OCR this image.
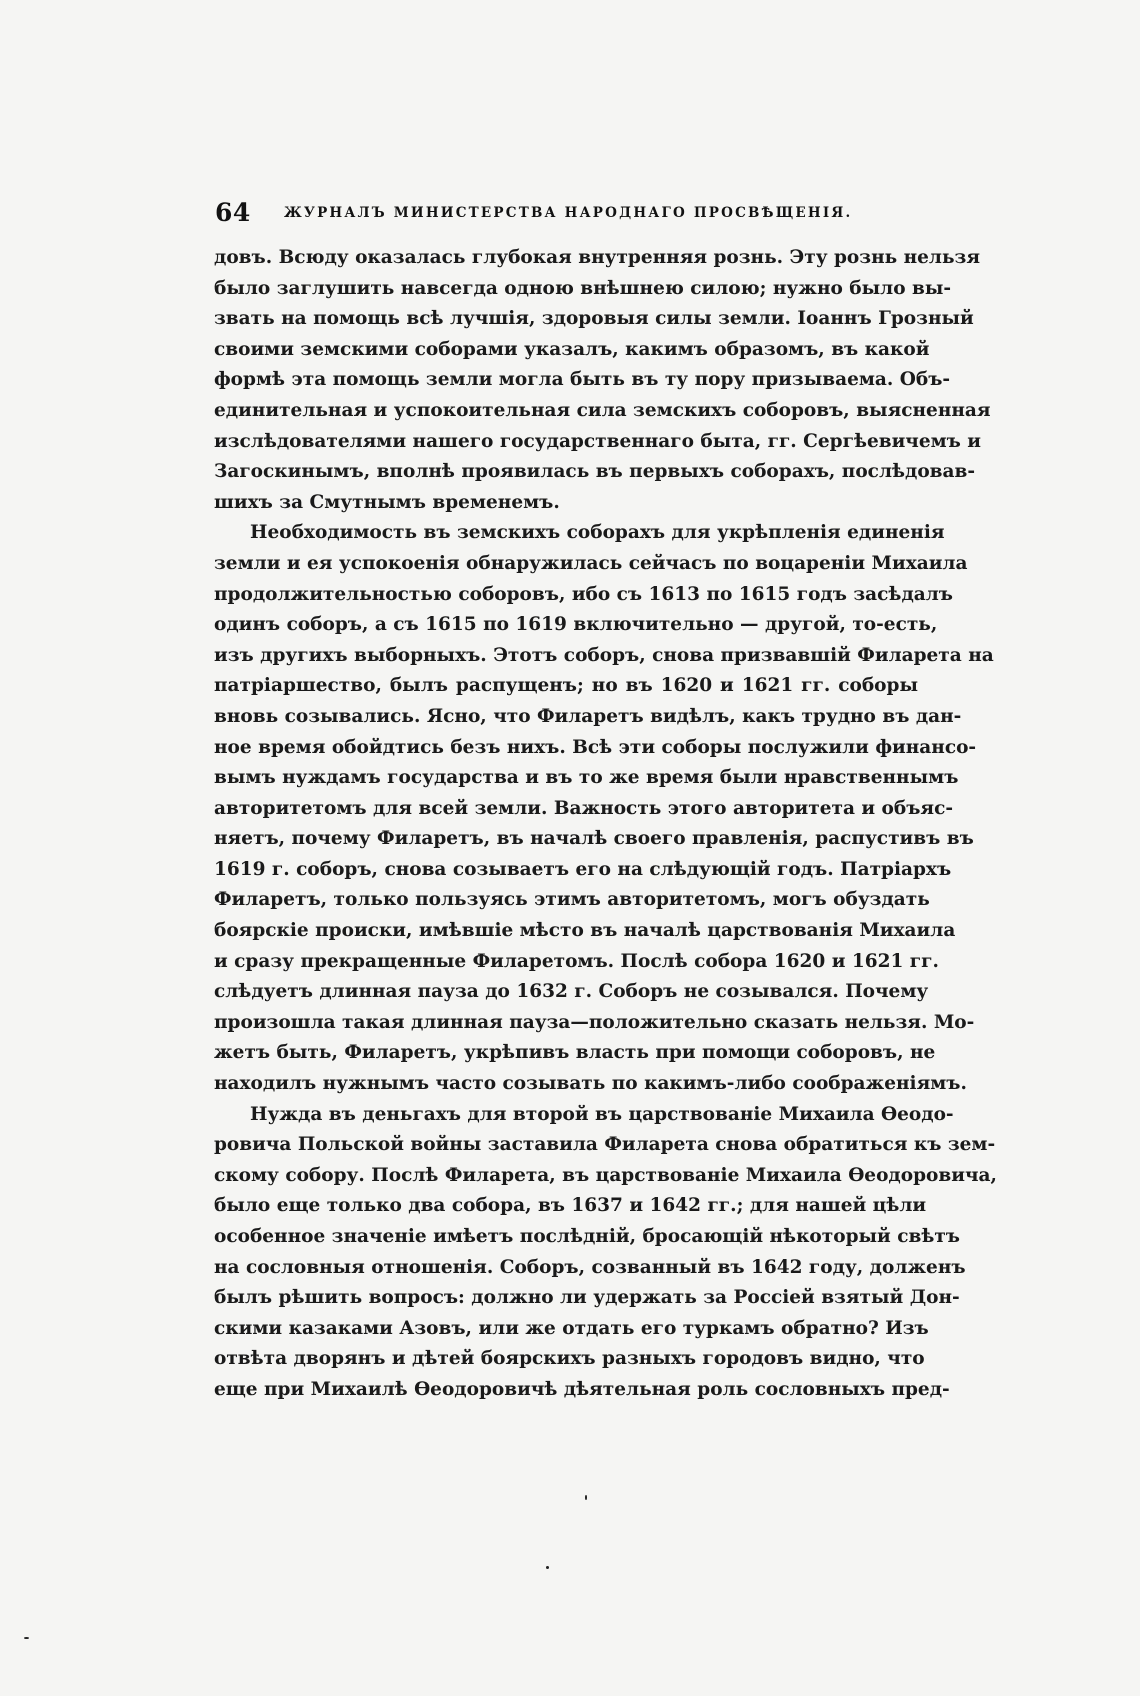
64 ЖУРНАЛЪ МИНИСТЕРСТВА НАРОДНАГО ПРОСВѢЩЕНІЯ.
довъ. Всюду оказалась глубокая внутренняя рознь. Эту рознь нельзя
было заглушить навсегда одною внѣшнею силою; нужно было вы-
звать на помощь всѣ лучшія, здоровыя силы земли. Іоаннъ Грозный
своими земскими соборами указалъ, какимъ образомъ, въ какой
формѣ эта помощь земли могла быть въ ту пору призываема. Объ-
единительная и успокоительная сила земскихъ соборовъ, выясненная
изслѣдователями нашего государственнаго быта, гг. Сергѣевичемъ и
Загоскинымъ, вполнѣ проявилась въ первыхъ соборахъ, послѣдовав-
шихъ за Смутнымъ временемъ.
Необходимость въ земскихъ соборахъ для укрѣпленія единенія
земли и ея успокоенія обнаружилась сейчасъ по воцареніи Михаила
продолжительностью соборовъ, ибо съ 1613 по 1615 годъ засѣдалъ
одинъ соборъ, а съ 1615 по 1619 включительно — другой, то-есть,
изъ другихъ выборныхъ. Этотъ соборъ, снова призвавшій Филарета на
патріаршество, былъ распущенъ; но въ 1620 и 1621 гг. соборы
вновь созывались. Ясно, что Филаретъ видѣлъ, какъ трудно въ дан-
ное время обойдтись безъ нихъ. Всѣ эти соборы послужили финансо-
вымъ нуждамъ государства и въ то же время были нравственнымъ
авторитетомъ для всей земли. Важность этого авторитета и объяс-
няетъ, почему Филаретъ, въ началѣ своего правленія, распустивъ въ
1619 г. соборъ, снова созываетъ его на слѣдующій годъ. Патріархъ
Филаретъ, только пользуясь этимъ авторитетомъ, могъ обуздать
боярскіе происки, имѣвшіе мѣсто въ началѣ царствованія Михаила
и сразу прекращенные Филаретомъ. Послѣ собора 1620 и 1621 гг.
слѣдуетъ длинная пауза до 1632 г. Соборъ не созывался. Почему
произошла такая длинная пауза—положительно сказать нельзя. Мо-
жетъ быть, Филаретъ, укрѣпивъ власть при помощи соборовъ, не
находилъ нужнымъ часто созывать по какимъ-либо соображеніямъ.
Нужда въ деньгахъ для второй въ царствованіе Михаила Өеодо-
ровича Польской войны заставила Филарета снова обратиться къ зем-
скому собору. Послѣ Филарета, въ царствованіе Михаила Өеодоровича,
было еще только два собора, въ 1637 и 1642 гг.; для нашей цѣли
особенное значеніе имѣетъ послѣдній, бросающій нѣкоторый свѣтъ
на сословныя отношенія. Соборъ, созванный въ 1642 году, долженъ
былъ рѣшить вопросъ: должно ли удержать за Россіей взятый Дон-
скими казаками Азовъ, или же отдать его туркамъ обратно? Изъ
отвѣта дворянъ и дѣтей боярскихъ разныхъ городовъ видно, что
еще при Михаилѣ Өеодоровичѣ дѣятельная роль сословныхъ пред-
